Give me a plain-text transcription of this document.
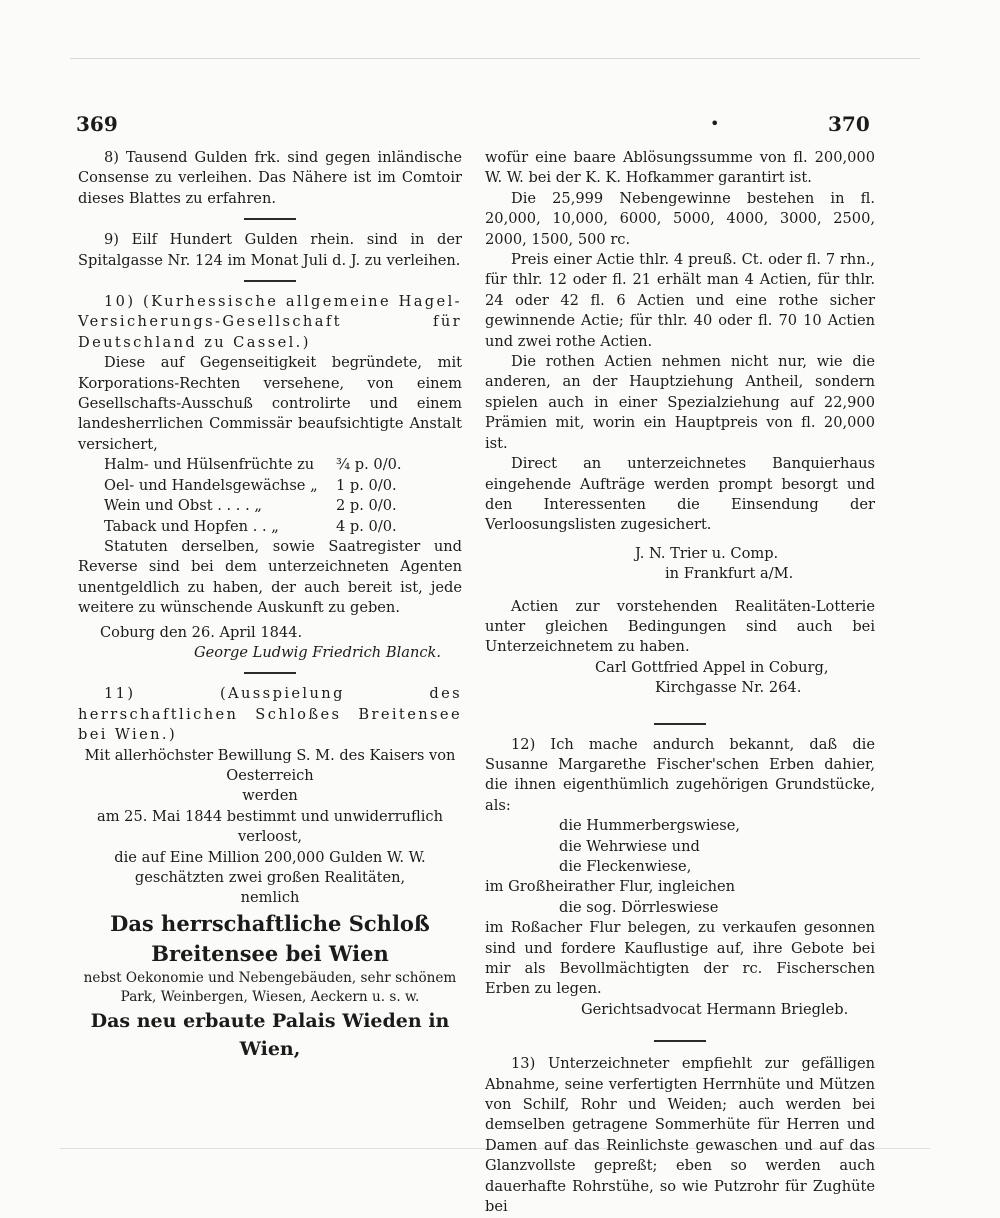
369	•	370

8) Tausend Gulden frk. sind gegen inländische Consense zu verleihen. Das Nähere ist im Comtoir dieses Blattes zu erfahren.

9) Eilf Hundert Gulden rhein. sind in der Spitalgasse Nr. 124 im Monat Juli d. J. zu verleihen.

10) (Kurhessische allgemeine Hagel-Versicherungs-Gesellschaft für Deutschland zu Cassel.)

Diese auf Gegenseitigkeit begründete, mit Korporations-Rechten versehene, von einem Gesellschafts-Ausschuß controlirte und einem landesherrlichen Commissär beaufsichtigte Anstalt versichert,

Halm- und Hülsenfrüchte zu	¾ p. 0/0.
Oel- und Handelsgewächse „	1 p. 0/0.
Wein und Obst . . . . „	2 p. 0/0.
Taback und Hopfen . . „	4 p. 0/0.

Statuten derselben, sowie Saatregister und Reverse sind bei dem unterzeichneten Agenten unentgeldlich zu haben, der auch bereit ist, jede weitere zu wünschende Auskunft zu geben.

Coburg den 26. April 1844.

George Ludwig Friedrich Blanck.

11) (Ausspielung des herrschaftlichen Schloßes Breitensee bei Wien.)

Mit allerhöchster Bewillung S. M. des Kaisers von Oesterreich

werden

am 25. Mai 1844 bestimmt und unwiderruflich verloost,

die auf Eine Million 200,000 Gulden W. W. geschätzten zwei großen Realitäten,

nemlich

Das herrschaftliche Schloß Breitensee bei Wien

nebst Oekonomie und Nebengebäuden, sehr schönem Park, Weinbergen, Wiesen, Aeckern u. s. w.

Das neu erbaute Palais Wieden in Wien,

wofür eine baare Ablösungssumme von fl. 200,000 W. W. bei der K. K. Hofkammer garantirt ist.

Die 25,999 Nebengewinne bestehen in fl. 20,000, 10,000, 6000, 5000, 4000, 3000, 2500, 2000, 1500, 500 rc.

Preis einer Actie thlr. 4 preuß. Ct. oder fl. 7 rhn., für thlr. 12 oder fl. 21 erhält man 4 Actien, für thlr. 24 oder 42 fl. 6 Actien und eine rothe sicher gewinnende Actie; für thlr. 40 oder fl. 70 10 Actien und zwei rothe Actien.

Die rothen Actien nehmen nicht nur, wie die anderen, an der Hauptziehung Antheil, sondern spielen auch in einer Spezialziehung auf 22,900 Prämien mit, worin ein Hauptpreis von fl. 20,000 ist.

Direct an unterzeichnetes Banquierhaus eingehende Aufträge werden prompt besorgt und den Interessenten die Einsendung der Verloosungslisten zugesichert.

J. N. Trier u. Comp.

in Frankfurt a/M.

Actien zur vorstehenden Realitäten-Lotterie unter gleichen Bedingungen sind auch bei Unterzeichnetem zu haben.

Carl Gottfried Appel in Coburg,

Kirchgasse Nr. 264.

12) Ich mache andurch bekannt, daß die Susanne Margarethe Fischer'schen Erben dahier, die ihnen eigenthümlich zugehörigen Grundstücke, als:

die Hummerbergswiese,

die Wehrwiese und

die Fleckenwiese,

im Großheirather Flur, ingleichen

die sog. Dörrleswiese

im Roßacher Flur belegen, zu verkaufen gesonnen sind und fordere Kauflustige auf, ihre Gebote bei mir als Bevollmächtigten der rc. Fischerschen Erben zu legen.

Gerichtsadvocat Hermann Briegleb.

13) Unterzeichneter empfiehlt zur gefälligen Abnahme, seine verfertigten Herrnhüte und Mützen von Schilf, Rohr und Weiden; auch werden bei demselben getragene Sommerhüte für Herren und Damen auf das Reinlichste gewaschen und auf das Glanzvollste gepreßt; eben so werden auch dauerhafte Rohrstühe, so wie Putzrohr für Zughüte bei
